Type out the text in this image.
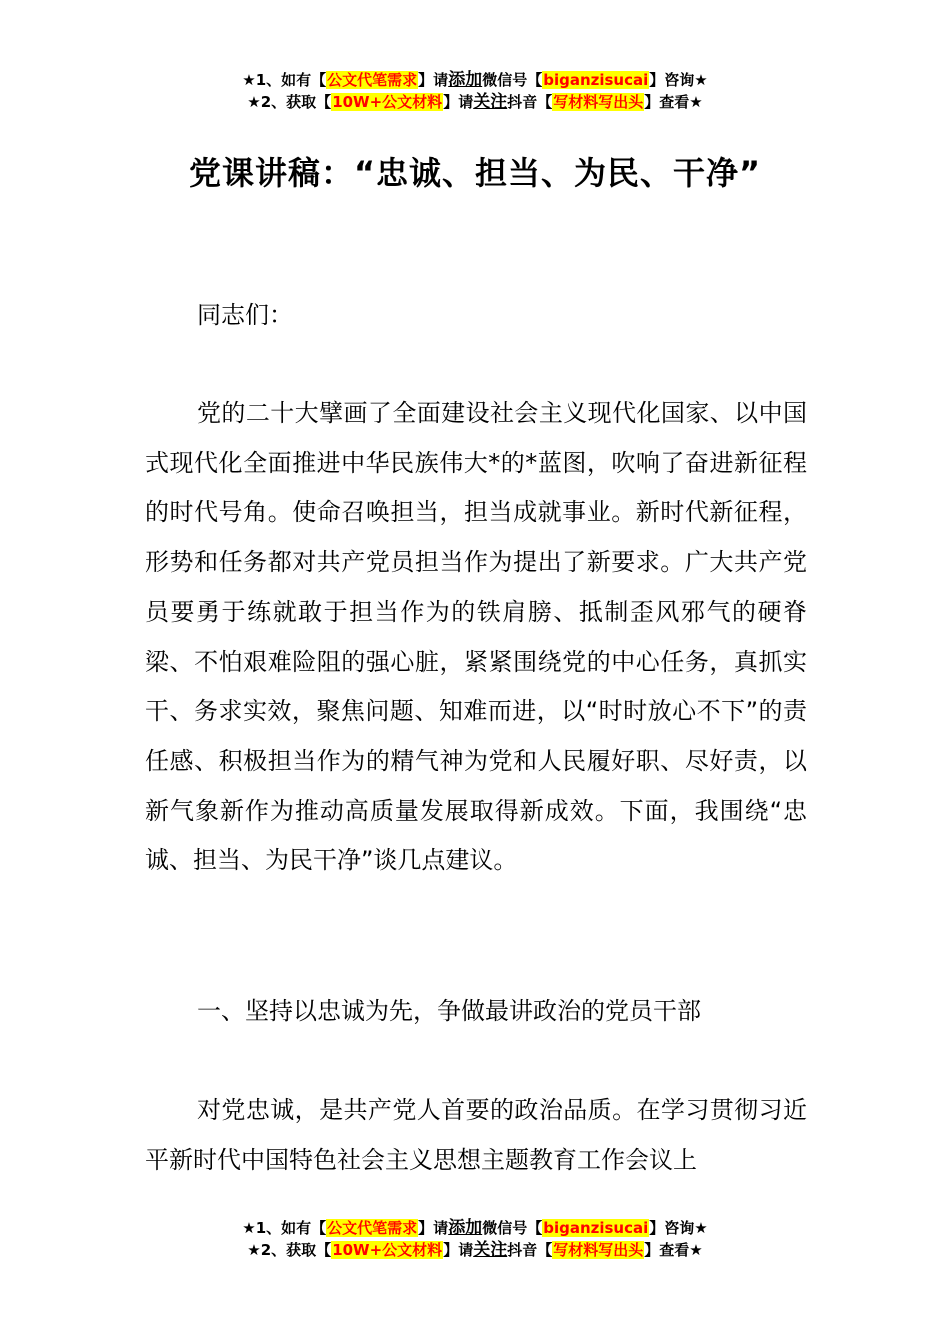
★1、如有【公文代笔需求】请添加微信号【biganzisucai】咨询★
★2、获取【10W+公文材料】请关注抖音【写材料写出头】查看★
党课讲稿：“忠诚、担当、为民、干净”

同志们：

党的二十大擘画了全面建设社会主义现代化国家、以中国式现代化全面推进中华民族伟大*的*蓝图，吹响了奋进新征程的时代号角。使命召唤担当，担当成就事业。新时代新征程，形势和任务都对共产党员担当作为提出了新要求。广大共产党员要勇于练就敢于担当作为的铁肩膀、抵制歪风邪气的硬脊梁、不怕艰难险阻的强心脏，紧紧围绕党的中心任务，真抓实干、务求实效，聚焦问题、知难而进，以“时时放心不下”的责任感、积极担当作为的精气神为党和人民履好职、尽好责，以新气象新作为推动高质量发展取得新成效。下面，我围绕“忠诚、担当、为民干净”谈几点建议。

一、坚持以忠诚为先，争做最讲政治的党员干部

对党忠诚，是共产党人首要的政治品质。在学习贯彻习近平新时代中国特色社会主义思想主题教育工作会议上

★1、如有【公文代笔需求】请添加微信号【biganzisucai】咨询★
★2、获取【10W+公文材料】请关注抖音【写材料写出头】查看★
